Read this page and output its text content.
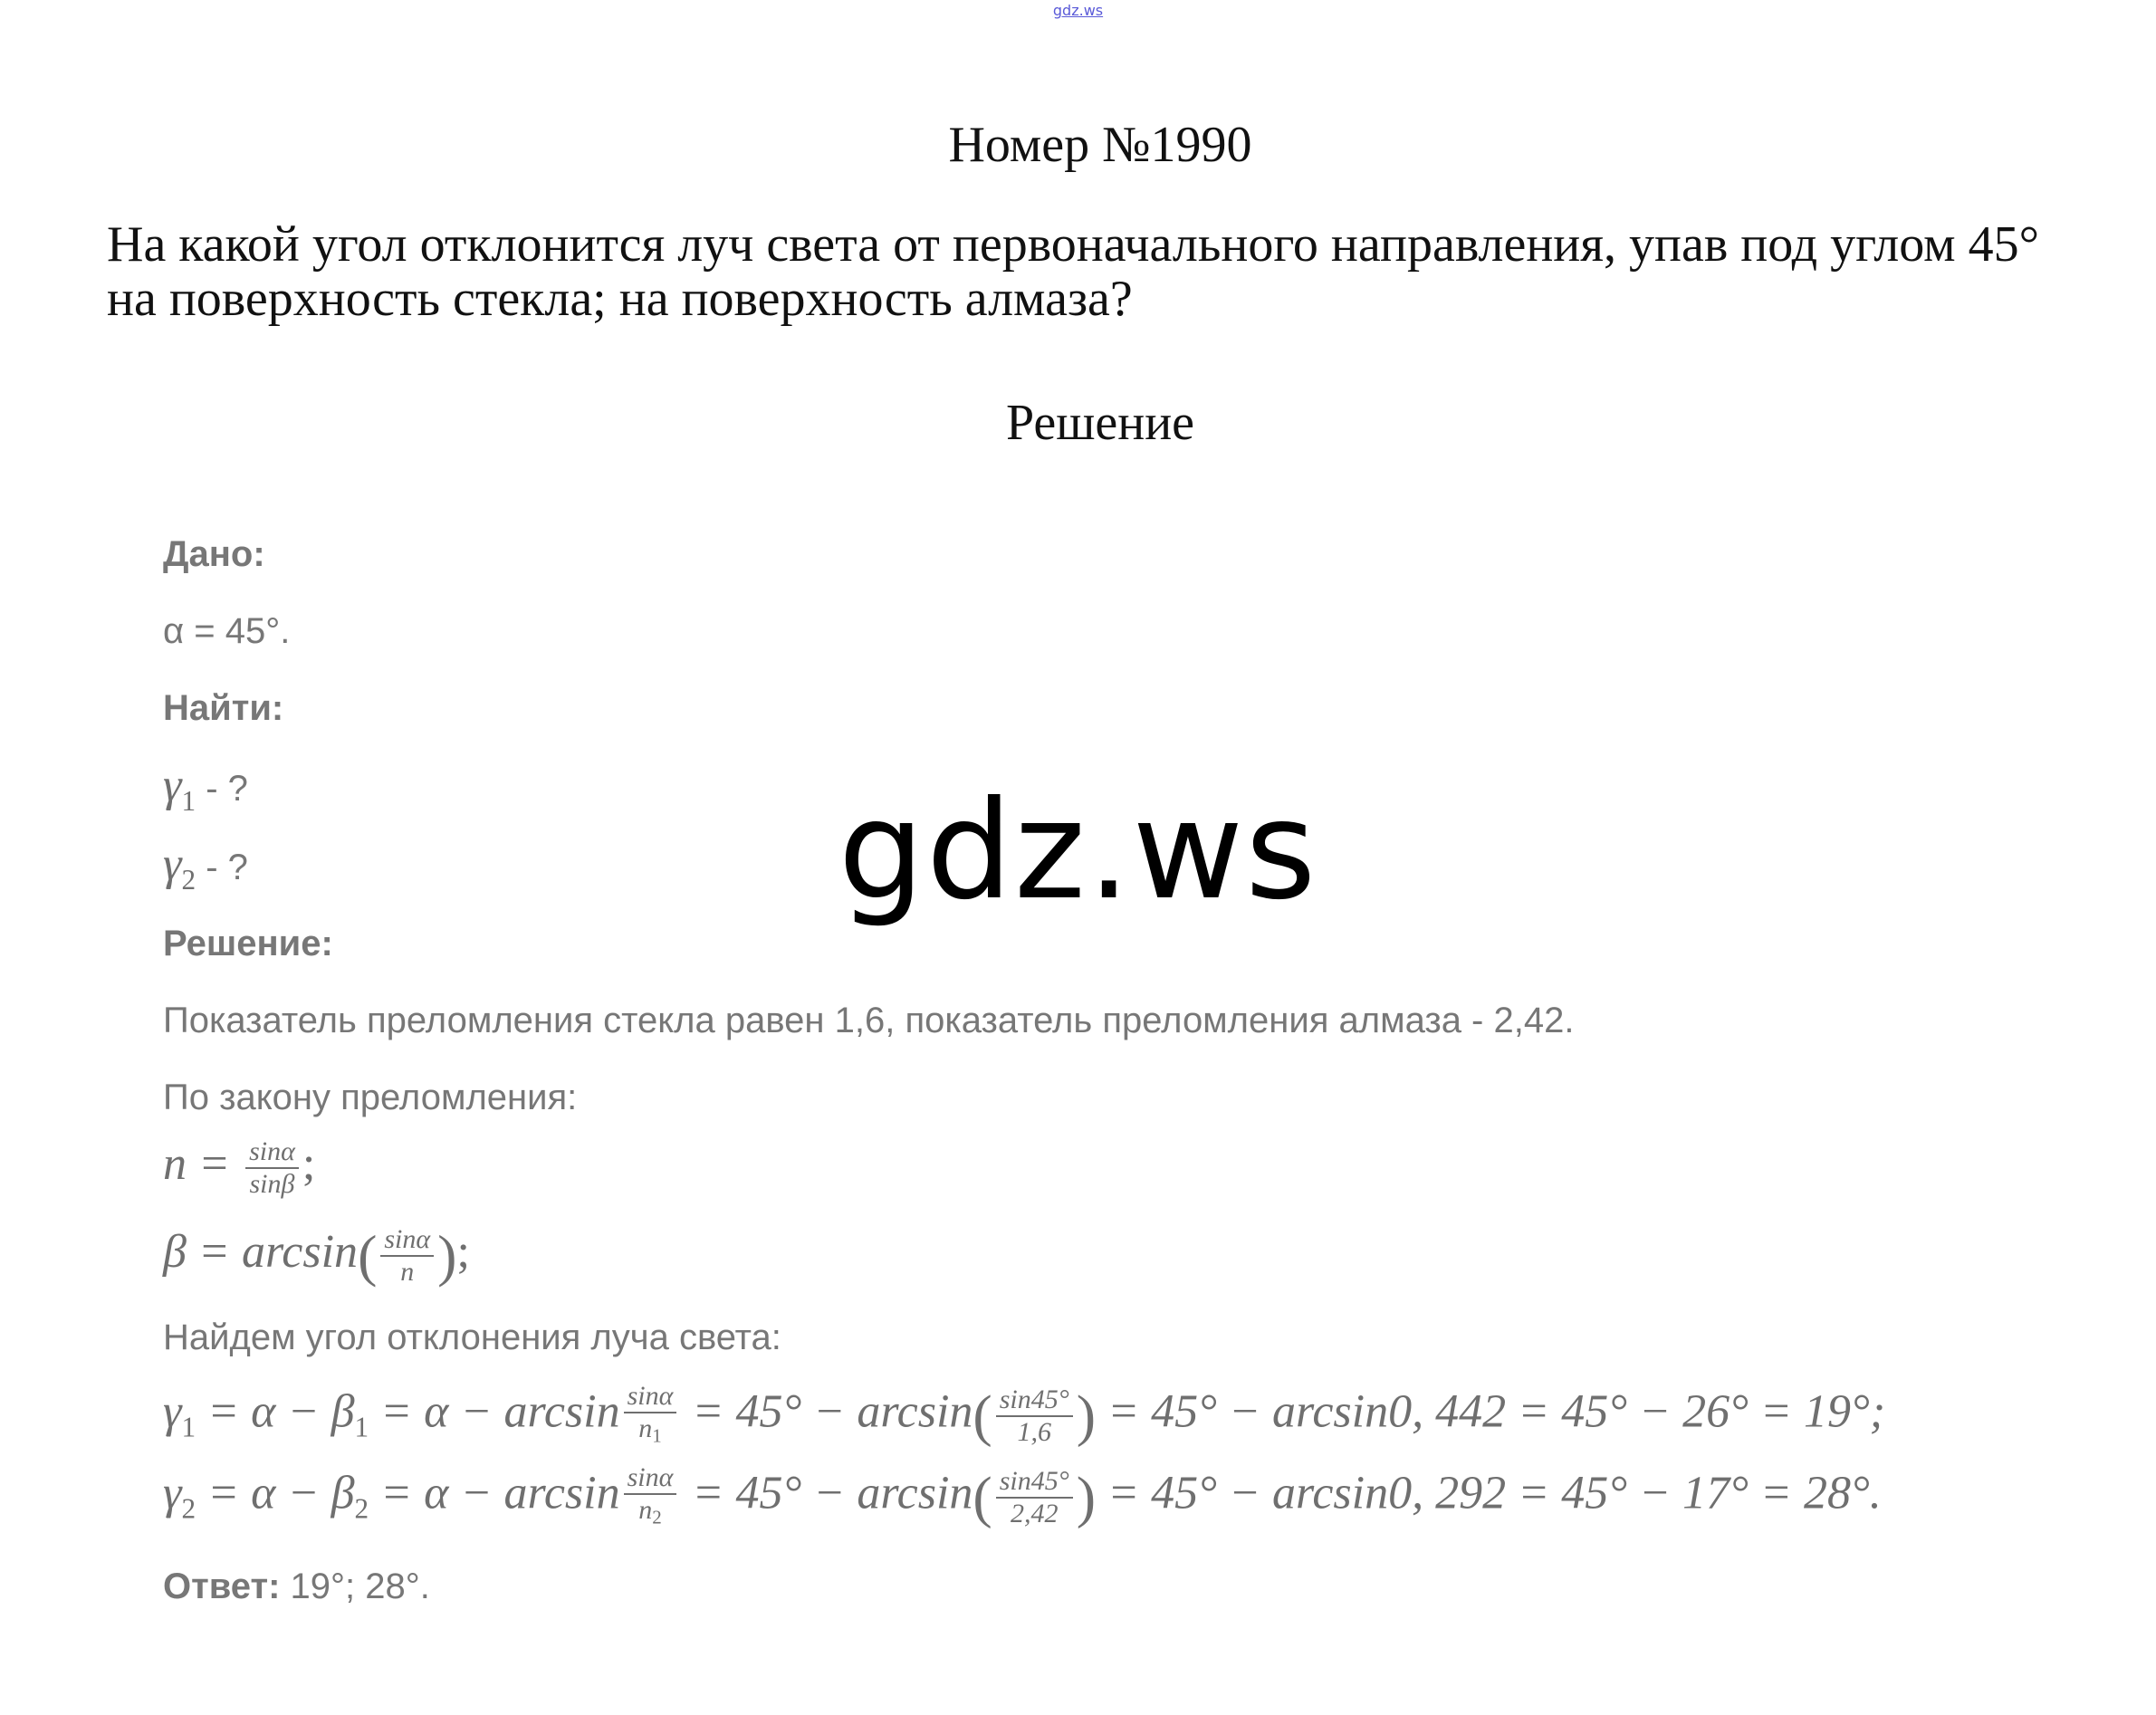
gdz.ws
Номер №1990
На какой угол отклонится луч света от первоначального направления, упав под углом 45° на поверхность стекла; на поверхность алмаза?
Решение
Дано:
α = 45°.
Найти:
$\gamma_1$ - ?
$\gamma_2$ - ?
Решение:
Показатель преломления стекла равен 1,6, показатель преломления алмаза - 2,42.
По закону преломления:
$n = \frac{\sin\alpha}{\sin\beta}$ ;
$\beta = \arcsin( \frac{\sin\alpha}{n}$ );
Найдем угол отклонения луча света:
$\gamma_1 = \alpha - \beta_1 = \alpha - \arcsin \frac{\sin\alpha}{n_1} = 45^\circ - \arcsin( \frac{\sin 45^\circ}{1,6}$ ) = 45° − arcsin0, 442 = 45° − 26° = 19°;
$\gamma_2 = \alpha - \beta_2 = \alpha - \arcsin \frac{\sin\alpha}{n_2} = 45^\circ - \arcsin( \frac{\sin 45^\circ}{2,42}$ ) = 45° − arcsin0, 292 = 45° − 17° = 28°.
Ответ: 19°; 28°.
gdz.ws
